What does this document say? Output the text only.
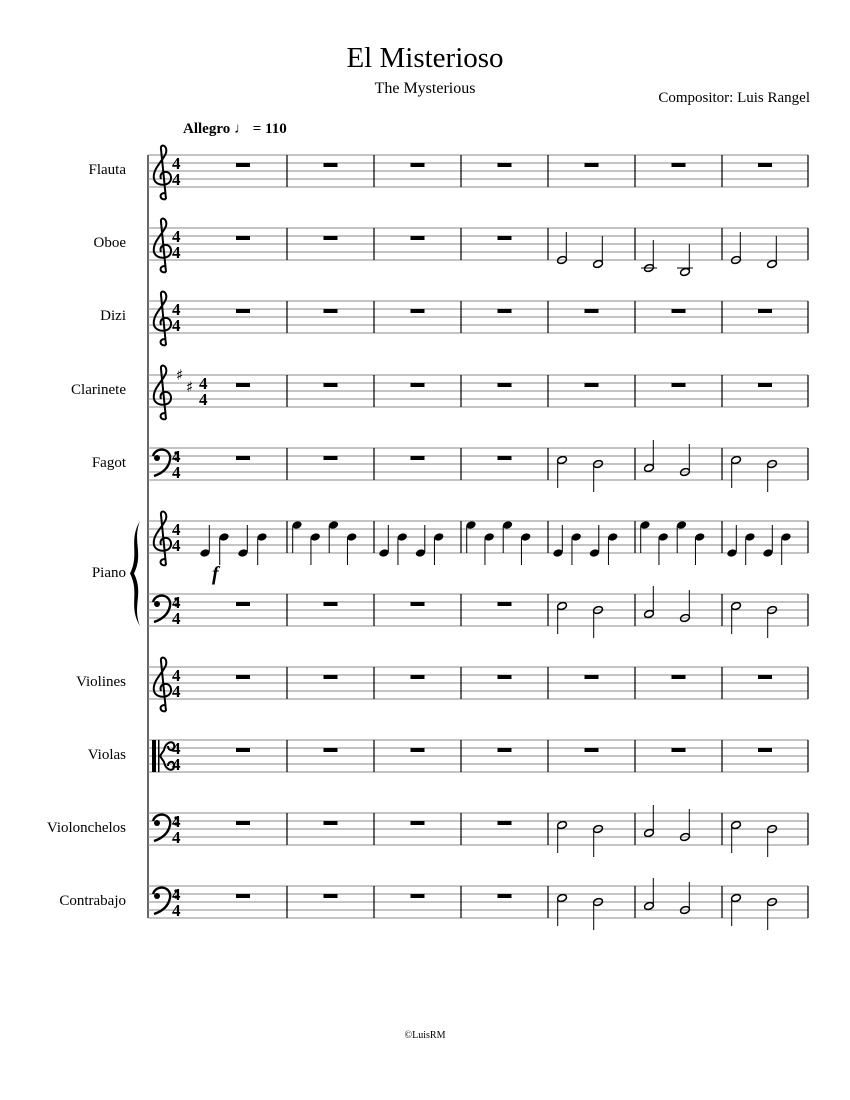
El Misterioso
The Mysterious
Compositor: Luis Rangel
Allegro ♩ = 110
Flauta
Oboe
Dizi
Clarinete
Fagot
Piano
Violines
Violas
Violonchelos
Contrabajo
4
4
4
4
4
4
♯
♯ 4
4
4
4
4
4
4
4
4
4
4
4
4
4
4
4
f
©LuisRM
